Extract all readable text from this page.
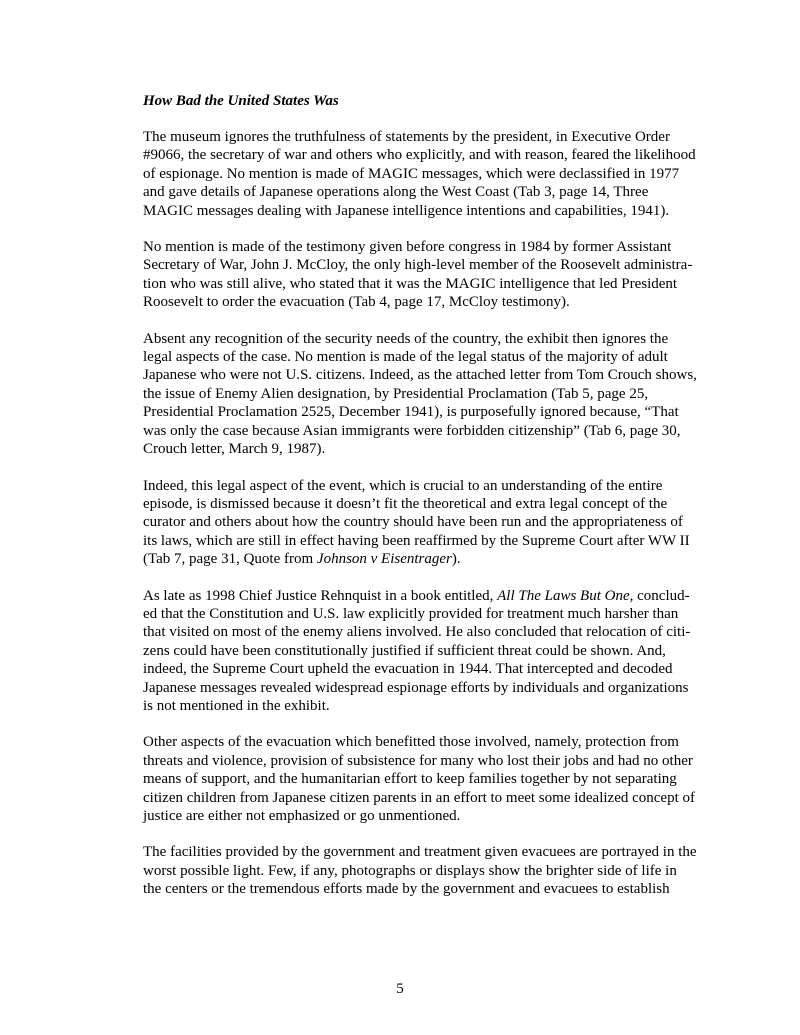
How Bad the United States Was
The museum ignores the truthfulness of statements by the president, in Executive Order
#9066, the secretary of war and others who explicitly, and with reason, feared the likelihood
of espionage. No mention is made of MAGIC messages, which were declassified in 1977
and gave details of Japanese operations along the West Coast (Tab 3, page 14, Three
MAGIC messages dealing with Japanese intelligence intentions and capabilities, 1941).
No mention is made of the testimony given before congress in 1984 by former Assistant
Secretary of War, John J. McCloy, the only high-level member of the Roosevelt administra-
tion who was still alive, who stated that it was the MAGIC intelligence that led President
Roosevelt to order the evacuation (Tab 4, page 17, McCloy testimony).
Absent any recognition of the security needs of the country, the exhibit then ignores the
legal aspects of the case. No mention is made of the legal status of the majority of adult
Japanese who were not U.S. citizens. Indeed, as the attached letter from Tom Crouch shows,
the issue of Enemy Alien designation, by Presidential Proclamation (Tab 5, page 25,
Presidential Proclamation 2525, December 1941), is purposefully ignored because, “That
was only the case because Asian immigrants were forbidden citizenship” (Tab 6, page 30,
Crouch letter, March 9, 1987).
Indeed, this legal aspect of the event, which is crucial to an understanding of the entire
episode, is dismissed because it doesn’t fit the theoretical and extra legal concept of the
curator and others about how the country should have been run and the appropriateness of
its laws, which are still in effect having been reaffirmed by the Supreme Court after WW II
(Tab 7, page 31, Quote from Johnson v Eisentrager).
As late as 1998 Chief Justice Rehnquist in a book entitled, All The Laws But One, conclud-
ed that the Constitution and U.S. law explicitly provided for treatment much harsher than
that visited on most of the enemy aliens involved. He also concluded that relocation of citi-
zens could have been constitutionally justified if sufficient threat could be shown. And,
indeed, the Supreme Court upheld the evacuation in 1944. That intercepted and decoded
Japanese messages revealed widespread espionage efforts by individuals and organizations
is not mentioned in the exhibit.
Other aspects of the evacuation which benefitted those involved, namely, protection from
threats and violence, provision of subsistence for many who lost their jobs and had no other
means of support, and the humanitarian effort to keep families together by not separating
citizen children from Japanese citizen parents in an effort to meet some idealized concept of
justice are either not emphasized or go unmentioned.
The facilities provided by the government and treatment given evacuees are portrayed in the
worst possible light. Few, if any, photographs or displays show the brighter side of life in
the centers or the tremendous efforts made by the government and evacuees to establish
5
